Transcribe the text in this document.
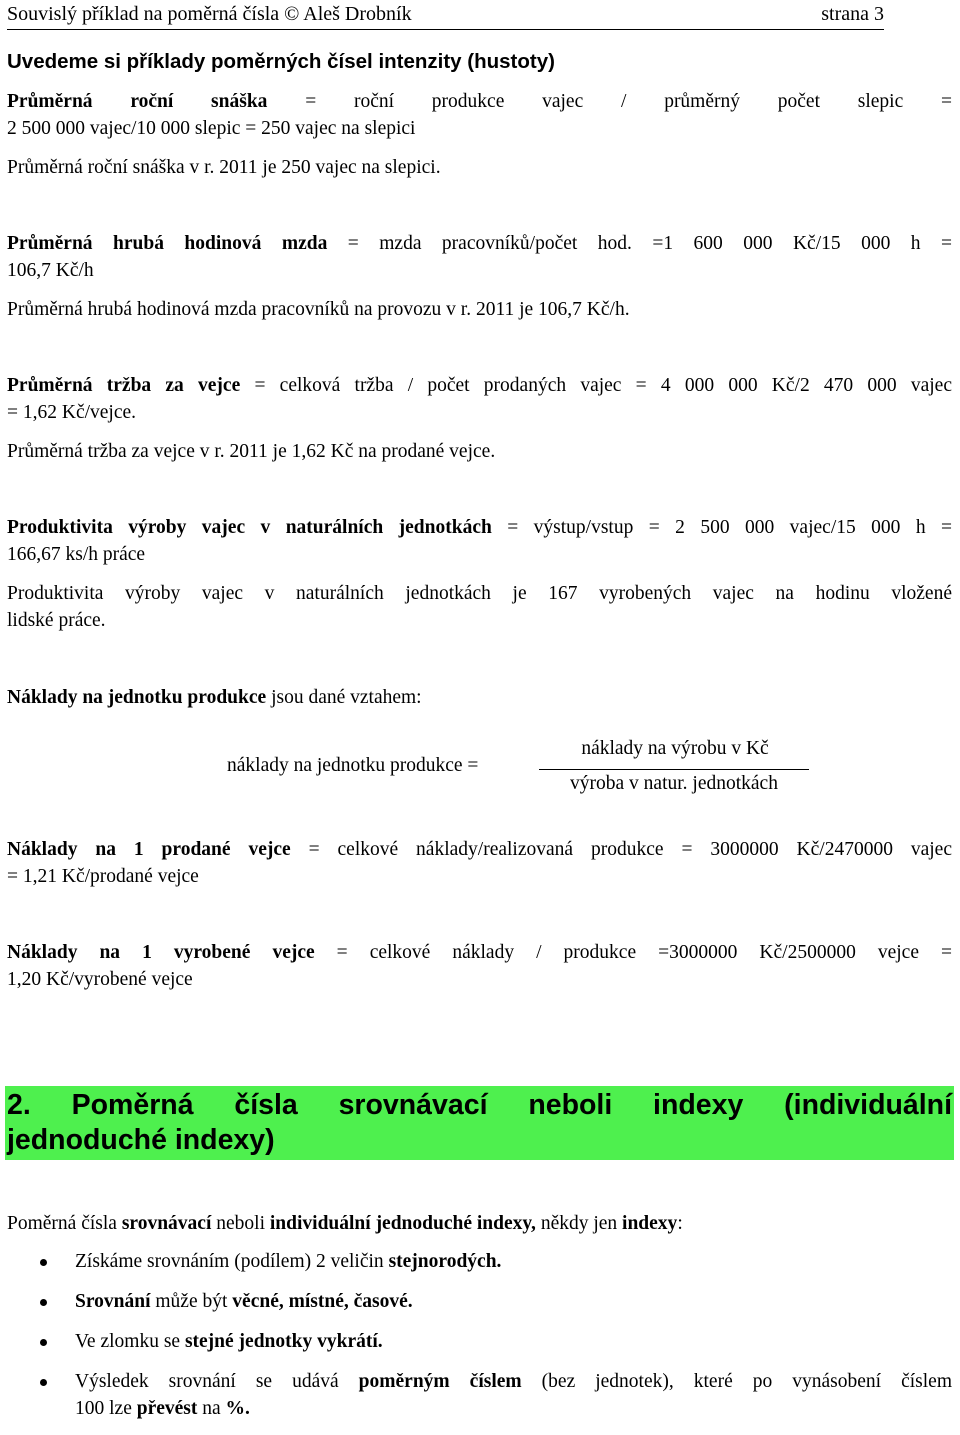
Souvislý příklad na poměrná čísla © Aleš Drobník	strana 3
Uvedeme si příklady poměrných čísel intenzity (hustoty)
Průměrná roční snáška = roční produkce vajec / průměrný počet slepic =
2 500 000 vajec/10 000 slepic = 250 vajec na slepici
Průměrná roční snáška v r. 2011 je 250 vajec na slepici.
Průměrná hrubá hodinová mzda = mzda pracovníků/počet hod. =1 600 000 Kč/15 000 h =
106,7 Kč/h
Průměrná hrubá hodinová mzda pracovníků na provozu v r. 2011 je 106,7 Kč/h.
Průměrná tržba za vejce = celková tržba / počet prodaných vajec = 4 000 000 Kč/2 470 000 vajec
= 1,62 Kč/vejce.
Průměrná tržba za vejce v r. 2011 je 1,62 Kč na prodané vejce.
Produktivita výroby vajec v naturálních jednotkách = výstup/vstup = 2 500 000 vajec/15 000 h =
166,67 ks/h práce
Produktivita výroby vajec v naturálních jednotkách je 167 vyrobených vajec na hodinu vložené
lidské práce.
Náklady na jednotku produkce jsou dané vztahem:
náklady na jednotku produkce =
náklady na výrobu v Kč
výroba v natur. jednotkách
Náklady na 1 prodané vejce = celkové náklady/realizovaná produkce = 3000000 Kč/2470000 vajec
= 1,21 Kč/prodané vejce
Náklady na 1 vyrobené vejce = celkové náklady / produkce =3000000 Kč/2500000 vejce =
1,20 Kč/vyrobené vejce
2. Poměrná čísla srovnávací neboli indexy (individuální
jednoduché indexy)
Poměrná čísla srovnávací neboli individuální jednoduché indexy, někdy jen indexy:
Získáme srovnáním (podílem) 2 veličin stejnorodých.
Srovnání může být věcné, místné, časové.
Ve zlomku se stejné jednotky vykrátí.
Výsledek srovnání se udává poměrným číslem (bez jednotek), které po vynásobení číslem
100 lze převést na %.
